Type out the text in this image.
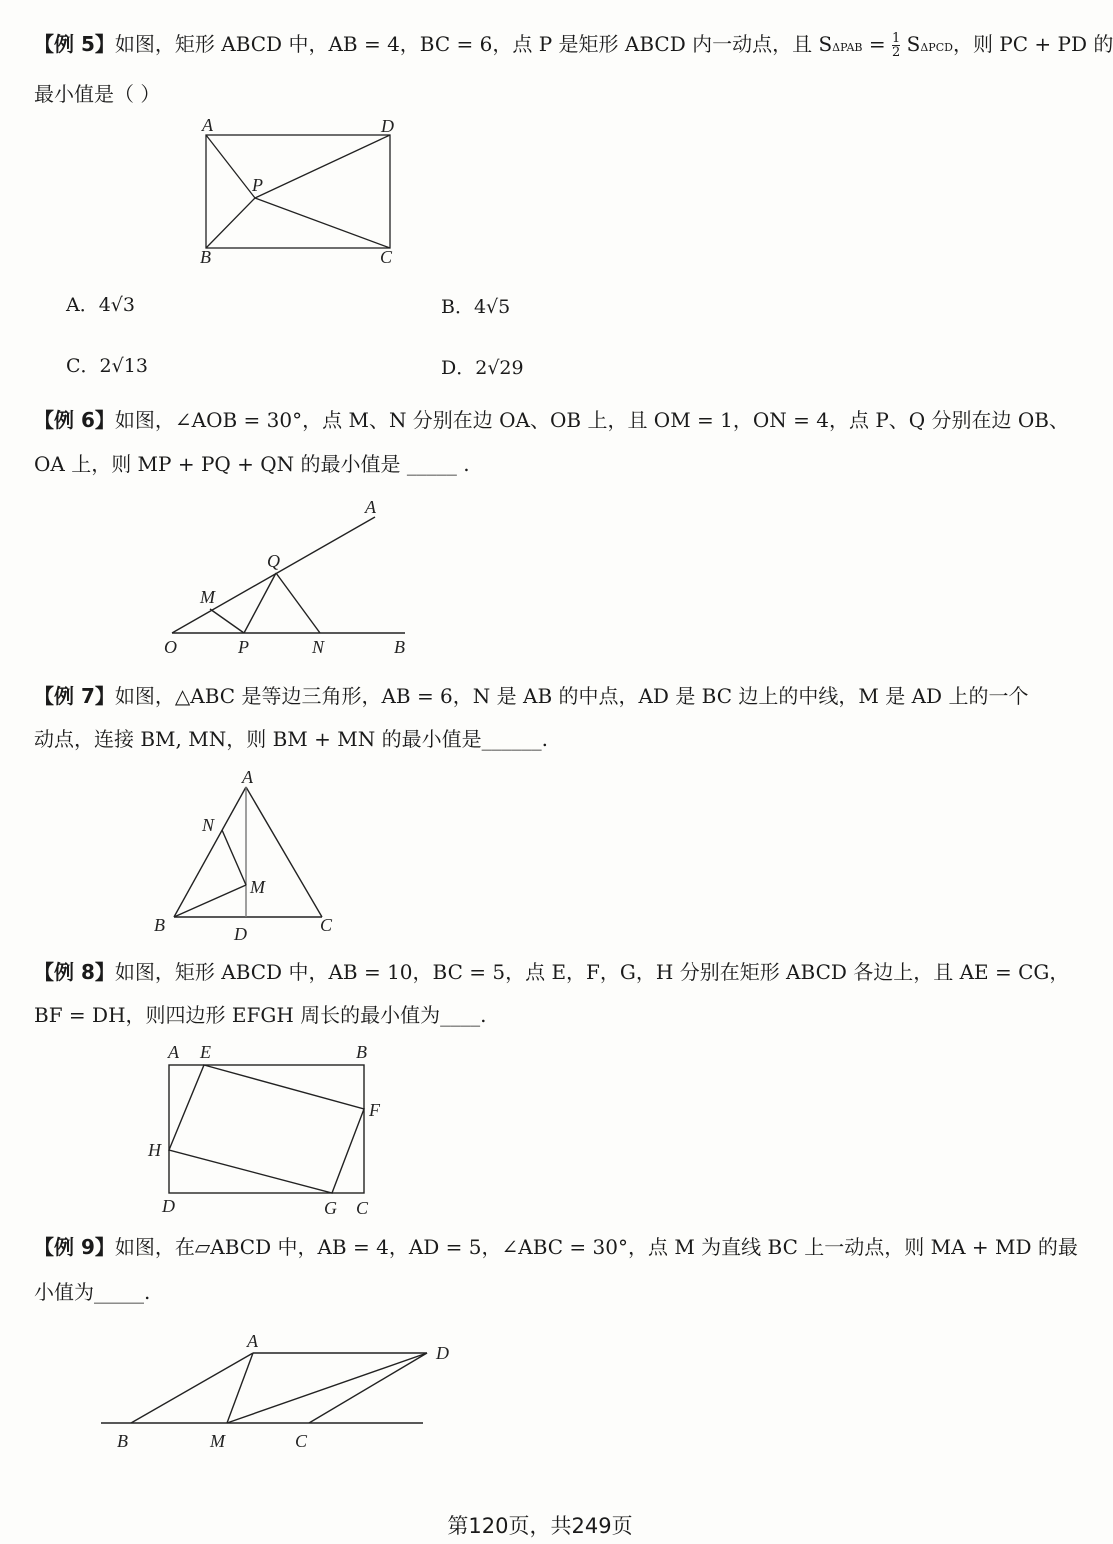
【例 5】如图，矩形 ABCD 中，AB = 4，BC = 6，点 P 是矩形 ABCD 内一动点，且 $S\Delta PAB = \frac{1}{2}$ SΔPCD，则 PC + PD 的
最小值是（ ）
A	D
P
B	C
A．4√3	B．4√5
C．2√13	D．2√29
【例 6】如图，∠AOB = 30°，点 M、N 分别在边 OA、OB 上，且 OM = 1，ON = 4，点 P、Q 分别在边 OB、
OA 上，则 MP + PQ + QN 的最小值是 _____ .
A
Q
M
O	P	N	B
【例 7】如图，△ABC 是等边三角形，AB = 6，N 是 AB 的中点，AD 是 BC 边上的中线，M 是 AD 上的一个
动点，连接 BM, MN，则 BM + MN 的最小值是______.
A
N
M
B	D	C
【例 8】如图，矩形 ABCD 中，AB = 10，BC = 5，点 E，F，G，H 分别在矩形 ABCD 各边上，且 AE = CG，
BF = DH，则四边形 EFGH 周长的最小值为____.
A E	B
F
H
D	G C
【例 9】如图，在▱ABCD 中，AB = 4，AD = 5，∠ABC = 30°，点 M 为直线 BC 上一动点，则 MA + MD 的最
小值为_____.
A
D
B	M	C
第120页，共249页
